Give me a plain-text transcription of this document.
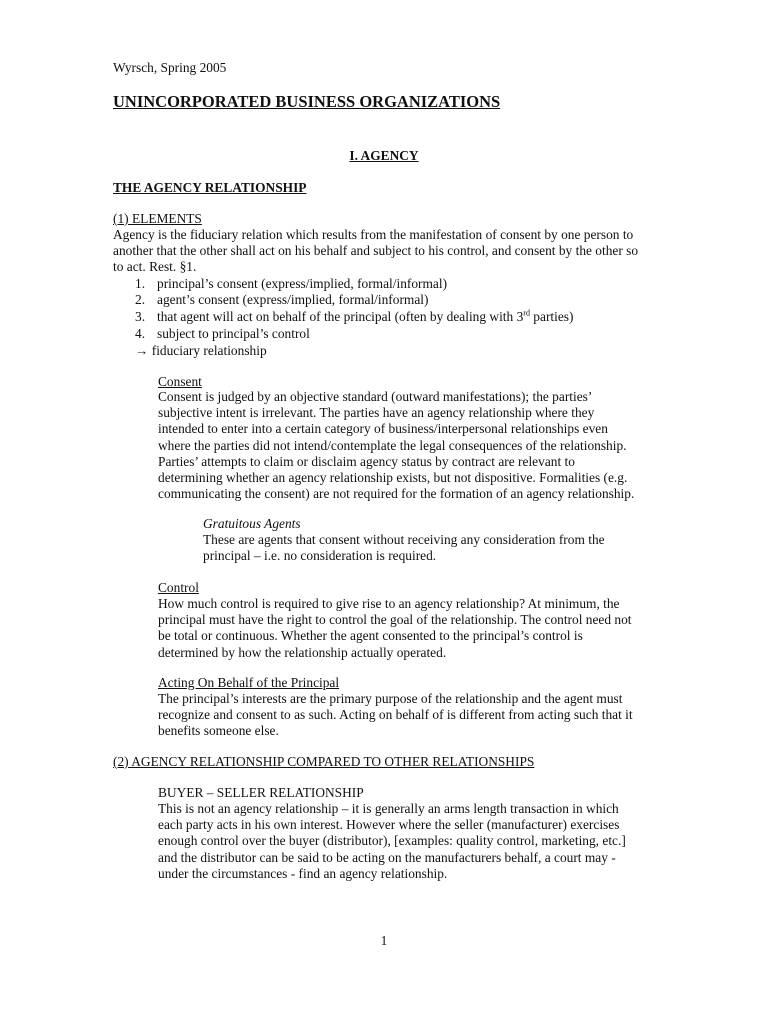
Wyrsch, Spring 2005
UNINCORPORATED BUSINESS ORGANIZATIONS
I. AGENCY
THE AGENCY RELATIONSHIP
(1) ELEMENTS
Agency is the fiduciary relation which results from the manifestation of consent by one person to
another that the other shall act on his behalf and subject to his control, and consent by the other so
to act. Rest. §1.
1. principal’s consent (express/implied, formal/informal)
2. agent’s consent (express/implied, formal/informal)
3. that agent will act on behalf of the principal (often by dealing with 3rd parties)
4. subject to principal’s control
→ fiduciary relationship
Consent
Consent is judged by an objective standard (outward manifestations); the parties’
subjective intent is irrelevant. The parties have an agency relationship where they
intended to enter into a certain category of business/interpersonal relationships even
where the parties did not intend/contemplate the legal consequences of the relationship.
Parties’ attempts to claim or disclaim agency status by contract are relevant to
determining whether an agency relationship exists, but not dispositive. Formalities (e.g.
communicating the consent) are not required for the formation of an agency relationship.
Gratuitous Agents
These are agents that consent without receiving any consideration from the
principal – i.e. no consideration is required.
Control
How much control is required to give rise to an agency relationship? At minimum, the
principal must have the right to control the goal of the relationship. The control need not
be total or continuous. Whether the agent consented to the principal’s control is
determined by how the relationship actually operated.
Acting On Behalf of the Principal
The principal’s interests are the primary purpose of the relationship and the agent must
recognize and consent to as such. Acting on behalf of is different from acting such that it
benefits someone else.
(2) AGENCY RELATIONSHIP COMPARED TO OTHER RELATIONSHIPS
BUYER – SELLER RELATIONSHIP
This is not an agency relationship – it is generally an arms length transaction in which
each party acts in his own interest. However where the seller (manufacturer) exercises
enough control over the buyer (distributor), [examples: quality control, marketing, etc.]
and the distributor can be said to be acting on the manufacturers behalf, a court may -
under the circumstances - find an agency relationship.
1
